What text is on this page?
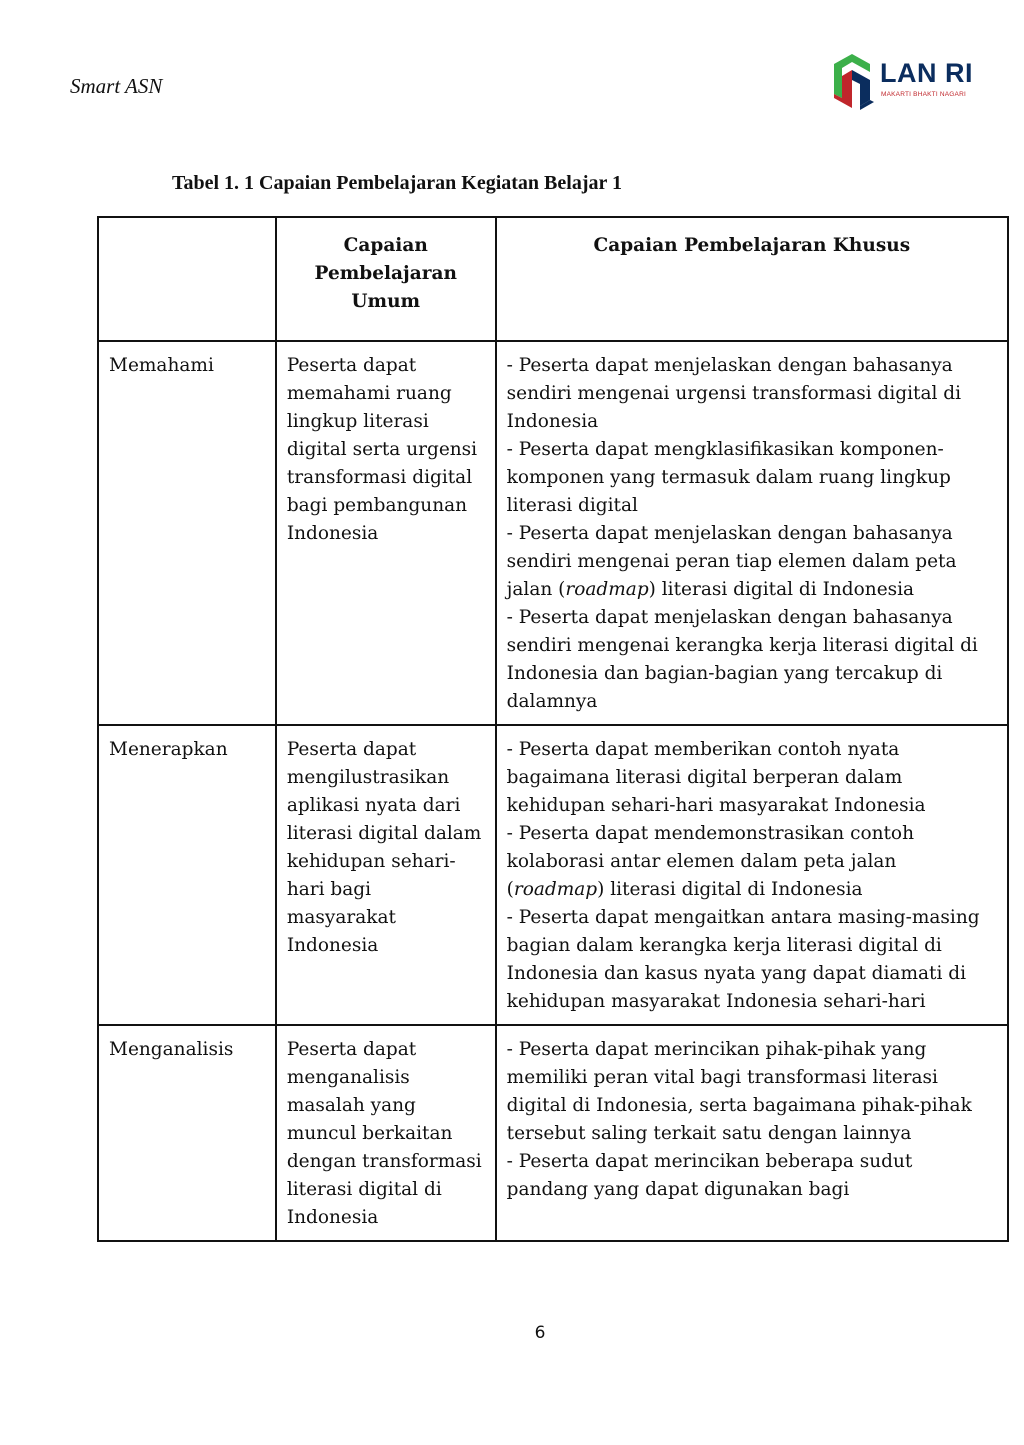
Smart ASN	LAN RI
MAKARTI BHAKTI NAGARI
Tabel 1. 1 Capaian Pembelajaran Kegiatan Belajar 1
	Capaian Pembelajaran Umum	Capaian Pembelajaran Khusus
Memahami	Peserta dapat memahami ruang lingkup literasi digital serta urgensi transformasi digital bagi pembangunan Indonesia	- Peserta dapat menjelaskan dengan bahasanya sendiri mengenai urgensi transformasi digital di Indonesia
- Peserta dapat mengklasifikasikan komponen-komponen yang termasuk dalam ruang lingkup literasi digital
- Peserta dapat menjelaskan dengan bahasanya sendiri mengenai peran tiap elemen dalam peta jalan (roadmap) literasi digital di Indonesia
- Peserta dapat menjelaskan dengan bahasanya sendiri mengenai kerangka kerja literasi digital di Indonesia dan bagian-bagian yang tercakup di dalamnya

Menerapkan	Peserta dapat mengilustrasikan aplikasi nyata dari literasi digital dalam kehidupan sehari-hari bagi masyarakat Indonesia	- Peserta dapat memberikan contoh nyata bagaimana literasi digital berperan dalam kehidupan sehari-hari masyarakat Indonesia
- Peserta dapat mendemonstrasikan contoh kolaborasi antar elemen dalam peta jalan (roadmap) literasi digital di Indonesia
- Peserta dapat mengaitkan antara masing-masing bagian dalam kerangka kerja literasi digital di Indonesia dan kasus nyata yang dapat diamati di kehidupan masyarakat Indonesia sehari-hari

Menganalisis	Peserta dapat menganalisis masalah yang muncul berkaitan dengan transformasi literasi digital di Indonesia	- Peserta dapat merincikan pihak-pihak yang memiliki peran vital bagi transformasi literasi digital di Indonesia, serta bagaimana pihak-pihak tersebut saling terkait satu dengan lainnya
- Peserta dapat merincikan beberapa sudut pandang yang dapat digunakan bagi
6
